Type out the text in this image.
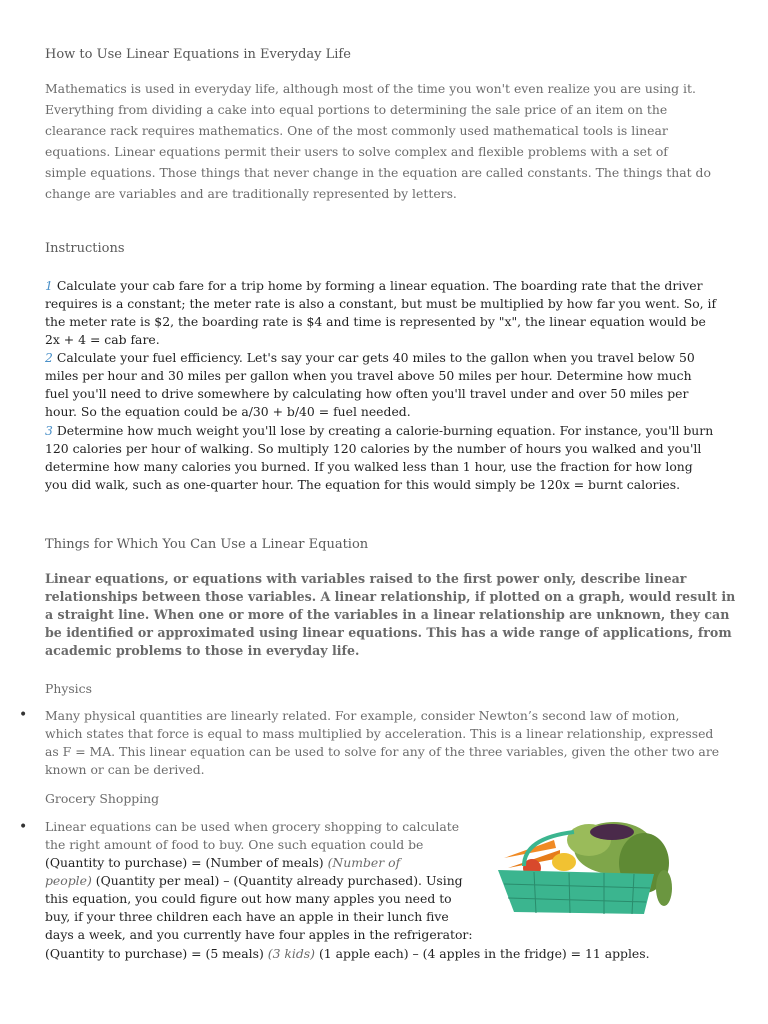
How to Use Linear Equations in Everyday Life
Mathematics is used in everyday life, although most of the time you won't even realize you are using it.
Everything from dividing a cake into equal portions to determining the sale price of an item on the
clearance rack requires mathematics. One of the most commonly used mathematical tools is linear
equations. Linear equations permit their users to solve complex and flexible problems with a set of
simple equations. Those things that never change in the equation are called constants. The things that do
change are variables and are traditionally represented by letters.
Instructions
1 Calculate your cab fare for a trip home by forming a linear equation. The boarding rate that the driver
requires is a constant; the meter rate is also a constant, but must be multiplied by how far you went. So, if
the meter rate is $2, the boarding rate is $4 and time is represented by "x", the linear equation would be
2x + 4 = cab fare.
2 Calculate your fuel efficiency. Let's say your car gets 40 miles to the gallon when you travel below 50
miles per hour and 30 miles per gallon when you travel above 50 miles per hour. Determine how much
fuel you'll need to drive somewhere by calculating how often you'll travel under and over 50 miles per
hour. So the equation could be a/30 + b/40 = fuel needed.
3 Determine how much weight you'll lose by creating a calorie-burning equation. For instance, you'll burn
120 calories per hour of walking. So multiply 120 calories by the number of hours you walked and you'll
determine how many calories you burned. If you walked less than 1 hour, use the fraction for how long
you did walk, such as one-quarter hour. The equation for this would simply be 120x = burnt calories.
Things for Which You Can Use a Linear Equation
Linear equations, or equations with variables raised to the first power only, describe linear
relationships between those variables. A linear relationship, if plotted on a graph, would result in
a straight line. When one or more of the variables in a linear relationship are unknown, they can
be identified or approximated using linear equations. This has a wide range of applications, from
academic problems to those in everyday life.
Physics
• Many physical quantities are linearly related. For example, consider Newton’s second law of motion,
which states that force is equal to mass multiplied by acceleration. This is a linear relationship, expressed
as F = MA. This linear equation can be used to solve for any of the three variables, given the other two are
known or can be derived.
Grocery Shopping
• Linear equations can be used when grocery shopping to calculate
the right amount of food to buy. One such equation could be
(Quantity to purchase) = (Number of meals) (Number of
people) (Quantity per meal) – (Quantity already purchased). Using
this equation, you could figure out how many apples you need to
buy, if your three children each have an apple in their lunch five
days a week, and you currently have four apples in the refrigerator:
(Quantity to purchase) = (5 meals) (3 kids) (1 apple each) – (4 apples in the fridge) = 11 apples.
